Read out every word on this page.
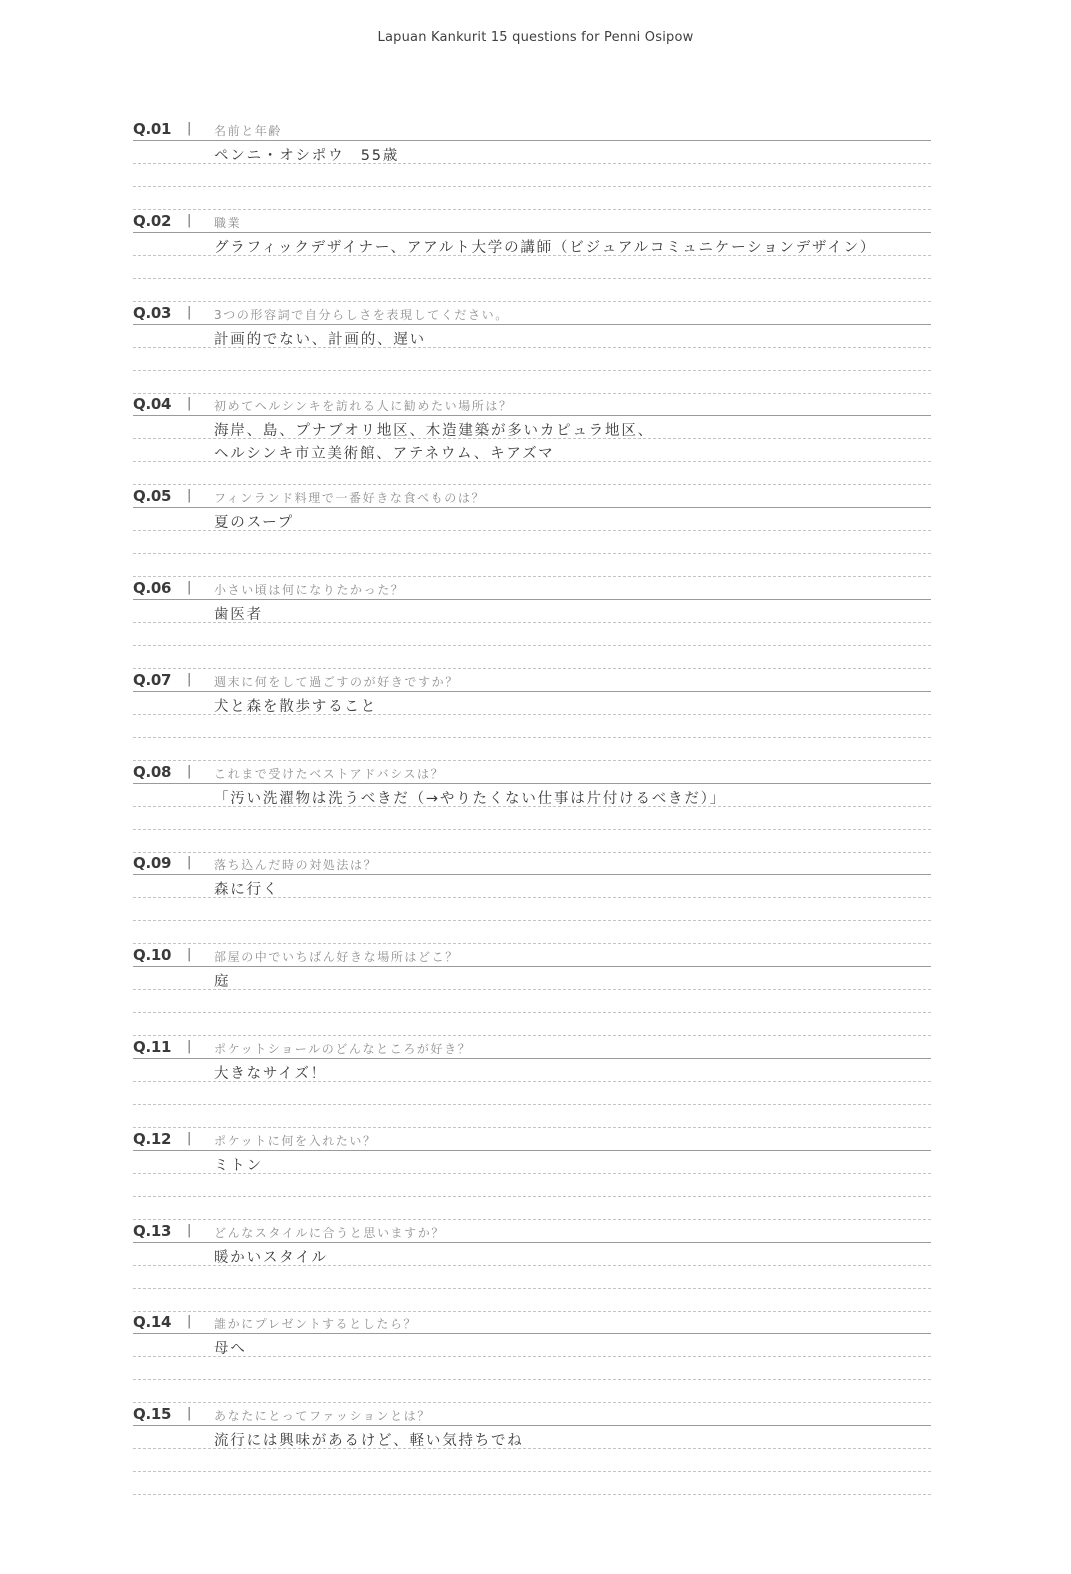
Lapuan Kankurit 15 questions for Penni Osipow
Q.01	| 名前と年齢
ペンニ・オシポウ　55歳
Q.02	| 職業
グラフィックデザイナー、アアルト大学の講師（ビジュアルコミュニケーションデザイン）
Q.03	| 3つの形容詞で自分らしさを表現してください。
計画的でない、計画的、遅い
Q.04	| 初めてヘルシンキを訪れる人に勧めたい場所は？
海岸、島、プナブオリ地区、木造建築が多いカピュラ地区、
ヘルシンキ市立美術館、アテネウム、キアズマ
Q.05	| フィンランド料理で一番好きな食べものは？
夏のスープ
Q.06	| 小さい頃は何になりたかった？
歯医者
Q.07	| 週末に何をして過ごすのが好きですか？
犬と森を散歩すること
Q.08	| これまで受けたベストアドバシスは？
「汚い洗濯物は洗うべきだ（→やりたくない仕事は片付けるべきだ）」
Q.09	| 落ち込んだ時の対処法は？
森に行く
Q.10	| 部屋の中でいちばん好きな場所はどこ？
庭
Q.11	| ポケットショールのどんなところが好き？
大きなサイズ！
Q.12	| ポケットに何を入れたい？
ミトン
Q.13	| どんなスタイルに合うと思いますか？
暖かいスタイル
Q.14	| 誰かにプレゼントするとしたら？
母へ
Q.15	| あなたにとってファッションとは？
流行には興味があるけど、軽い気持ちでね
